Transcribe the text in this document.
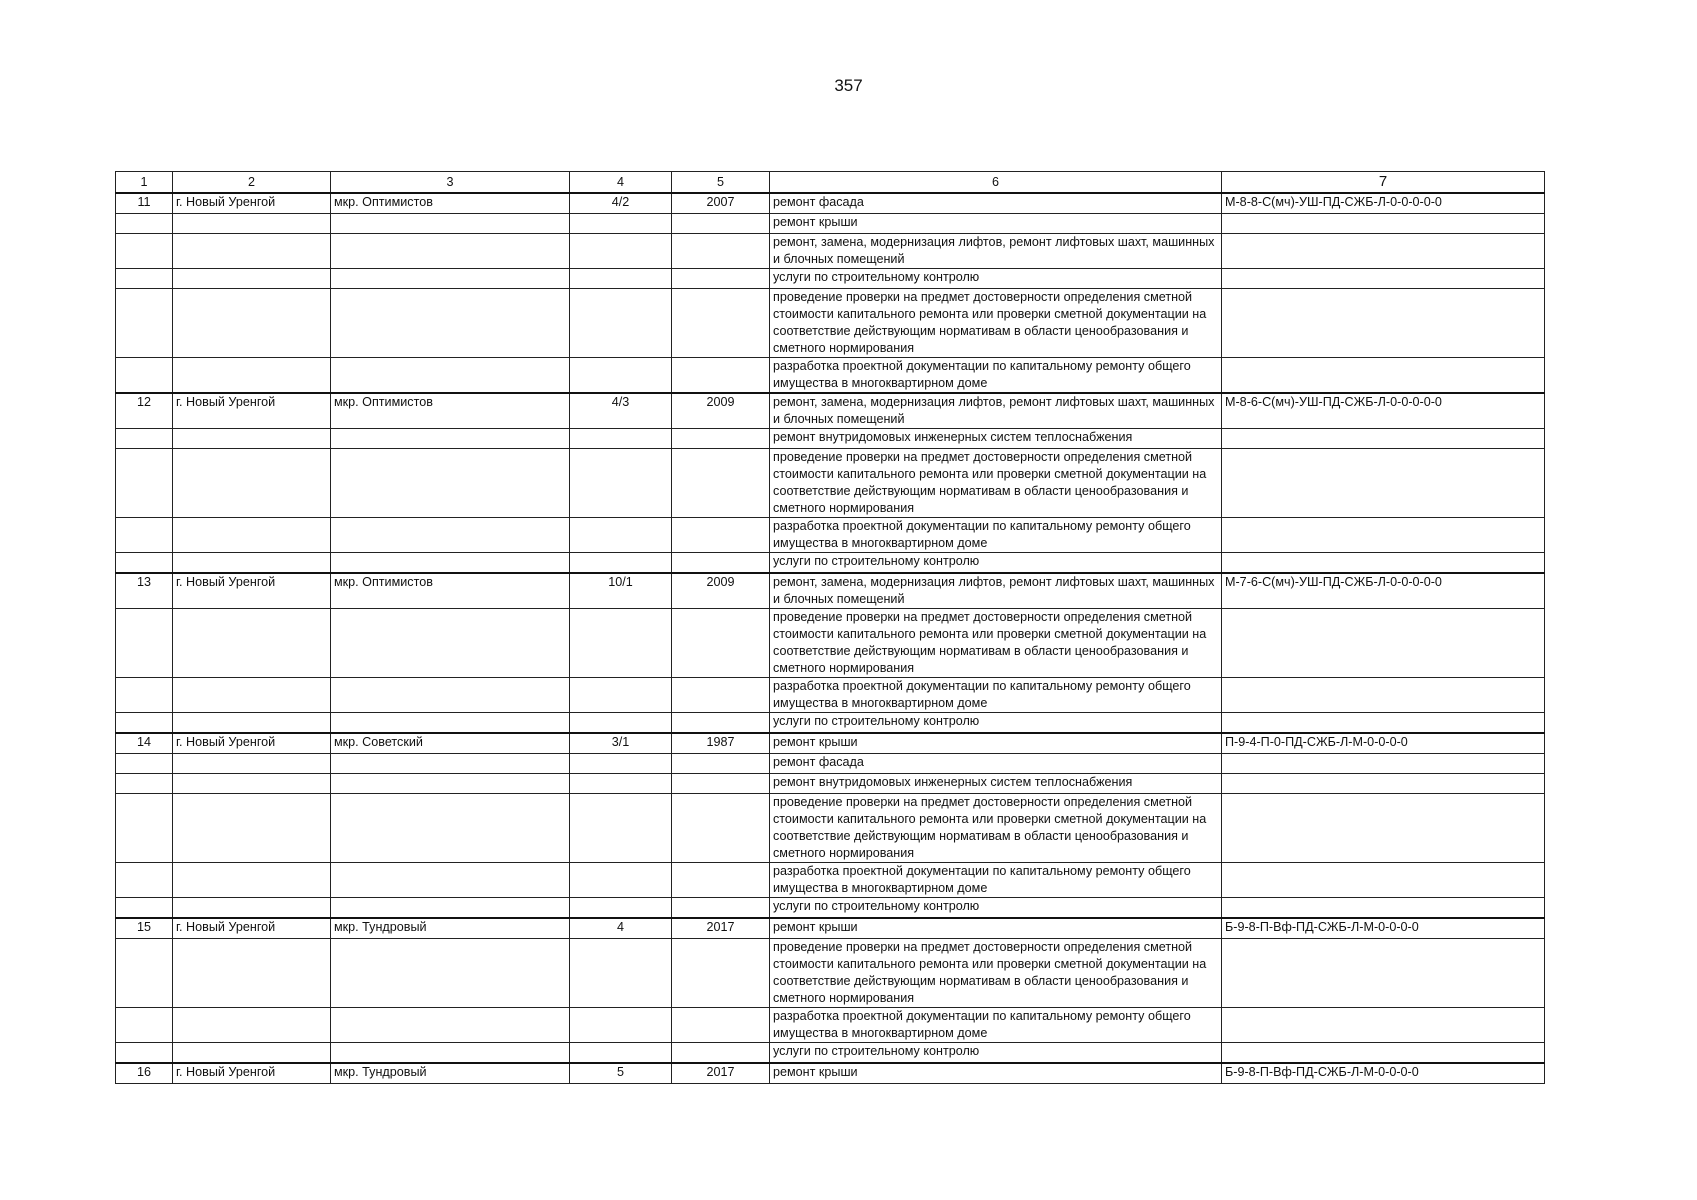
357
1	2	3	4	5	6	7
11	г. Новый Уренгой	мкр. Оптимистов	4/2	2007	ремонт фасада	М-8-8-С(мч)-УШ-ПД-СЖБ-Л-0-0-0-0-0
					ремонт крыши	
					ремонт, замена, модернизация лифтов, ремонт лифтовых шахт, машинных и блочных помещений	
					услуги по строительному контролю	
					проведение проверки на предмет достоверности определения сметной стоимости капитального ремонта или проверки сметной документации на соответствие действующим нормативам в области ценообразования и сметного нормирования	
					разработка проектной документации по капитальному ремонту общего имущества в многоквартирном доме	
12	г. Новый Уренгой	мкр. Оптимистов	4/3	2009	ремонт, замена, модернизация лифтов, ремонт лифтовых шахт, машинных и блочных помещений	М-8-6-С(мч)-УШ-ПД-СЖБ-Л-0-0-0-0-0
					ремонт внутридомовых инженерных систем теплоснабжения	
					проведение проверки на предмет достоверности определения сметной стоимости капитального ремонта или проверки сметной документации на соответствие действующим нормативам в области ценообразования и сметного нормирования	
					разработка проектной документации по капитальному ремонту общего имущества в многоквартирном доме	
					услуги по строительному контролю	
13	г. Новый Уренгой	мкр. Оптимистов	10/1	2009	ремонт, замена, модернизация лифтов, ремонт лифтовых шахт, машинных и блочных помещений	М-7-6-С(мч)-УШ-ПД-СЖБ-Л-0-0-0-0-0
					проведение проверки на предмет достоверности определения сметной стоимости капитального ремонта или проверки сметной документации на соответствие действующим нормативам в области ценообразования и сметного нормирования	
					разработка проектной документации по капитальному ремонту общего имущества в многоквартирном доме	
					услуги по строительному контролю	
14	г. Новый Уренгой	мкр. Советский	3/1	1987	ремонт крыши	П-9-4-П-0-ПД-СЖБ-Л-М-0-0-0-0
					ремонт фасада	
					ремонт внутридомовых инженерных систем теплоснабжения	
					проведение проверки на предмет достоверности определения сметной стоимости капитального ремонта или проверки сметной документации на соответствие действующим нормативам в области ценообразования и сметного нормирования	
					разработка проектной документации по капитальному ремонту общего имущества в многоквартирном доме	
					услуги по строительному контролю	
15	г. Новый Уренгой	мкр. Тундровый	4	2017	ремонт крыши	Б-9-8-П-Вф-ПД-СЖБ-Л-М-0-0-0-0
					проведение проверки на предмет достоверности определения сметной стоимости капитального ремонта или проверки сметной документации на соответствие действующим нормативам в области ценообразования и сметного нормирования	
					разработка проектной документации по капитальному ремонту общего имущества в многоквартирном доме	
					услуги по строительному контролю	
16	г. Новый Уренгой	мкр. Тундровый	5	2017	ремонт крыши	Б-9-8-П-Вф-ПД-СЖБ-Л-М-0-0-0-0
